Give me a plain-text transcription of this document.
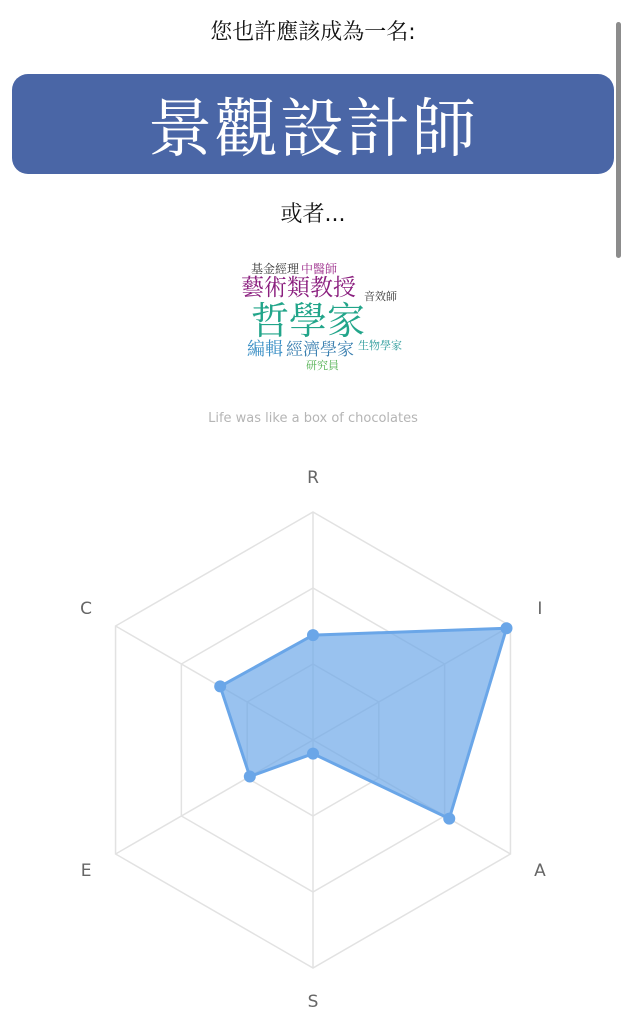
您也許應該成為一名:
景觀設計師
或者...
基金經理 中醫師
藝術類教授 音效師
哲學家
編輯 經濟學家 生物學家
研究員
Life was like a box of chocolates
R
I
A
S
E
C
